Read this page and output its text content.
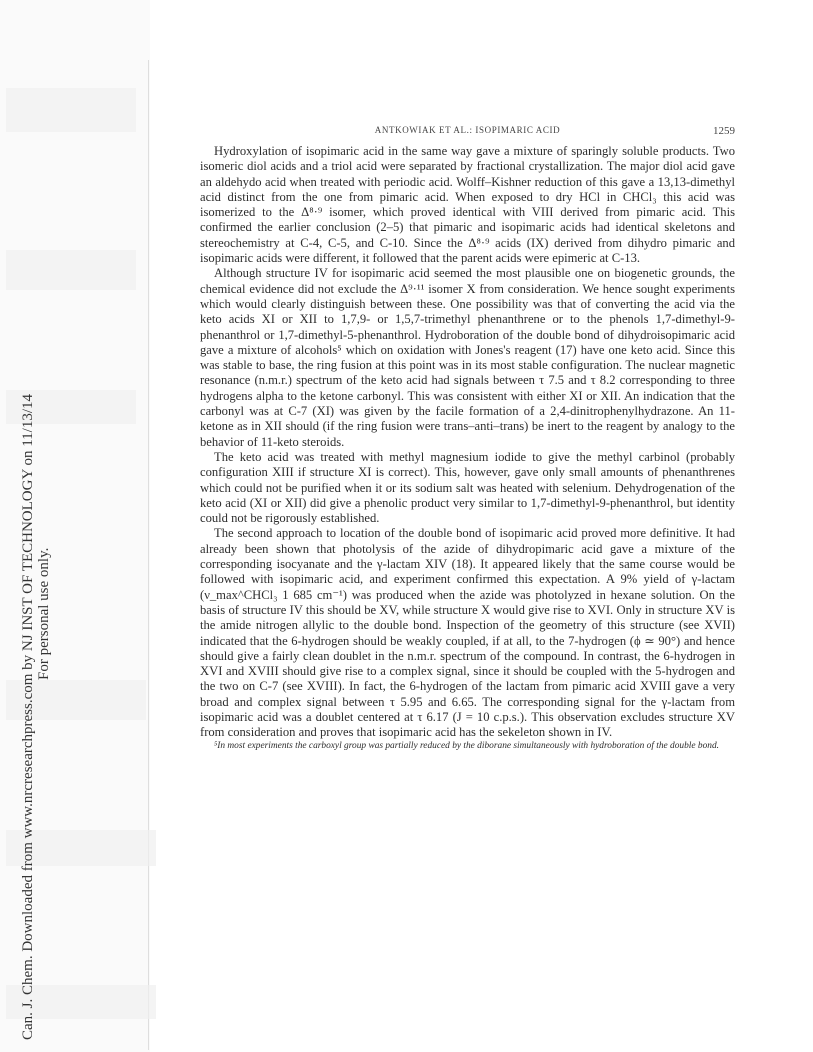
Can. J. Chem. Downloaded from www.nrcresearchpress.com by NJ INST OF TECHNOLOGY on 11/13/14 For personal use only.
ANTKOWIAK ET AL.: ISOPIMARIC ACID	1259

Hydroxylation of isopimaric acid in the same way gave a mixture of sparingly soluble products. Two isomeric diol acids and a triol acid were separated by fractional crystallization. The major diol acid gave an aldehydo acid when treated with periodic acid. Wolff–Kishner reduction of this gave a 13,13-dimethyl acid distinct from the one from pimaric acid. When exposed to dry HCl in CHCl₃ this acid was isomerized to the Δ⁸·⁹ isomer, which proved identical with VIII derived from pimaric acid. This confirmed the earlier conclusion (2–5) that pimaric and isopimaric acids had identical skeletons and stereochemistry at C-4, C-5, and C-10. Since the Δ⁸·⁹ acids (IX) derived from dihydro pimaric and isopimaric acids were different, it followed that the parent acids were epimeric at C-13.

Although structure IV for isopimaric acid seemed the most plausible one on biogenetic grounds, the chemical evidence did not exclude the Δ⁹·¹¹ isomer X from consideration. We hence sought experiments which would clearly distinguish between these. One possibility was that of converting the acid via the keto acids XI or XII to 1,7,9- or 1,5,7-trimethyl phenanthrene or to the phenols 1,7-dimethyl-9-phenanthrol or 1,7-dimethyl-5-phenanthrol. Hydroboration of the double bond of dihydroisopimaric acid gave a mixture of alcohols⁵ which on oxidation with Jones's reagent (17) have one keto acid. Since this was stable to base, the ring fusion at this point was in its most stable configuration. The nuclear magnetic resonance (n.m.r.) spectrum of the keto acid had signals between τ 7.5 and τ 8.2 corresponding to three hydrogens alpha to the ketone carbonyl. This was consistent with either XI or XII. An indication that the carbonyl was at C-7 (XI) was given by the facile formation of a 2,4-dinitrophenylhydrazone. An 11-ketone as in XII should (if the ring fusion were trans–anti–trans) be inert to the reagent by analogy to the behavior of 11-keto steroids.

The keto acid was treated with methyl magnesium iodide to give the methyl carbinol (probably configuration XIII if structure XI is correct). This, however, gave only small amounts of phenanthrenes which could not be purified when it or its sodium salt was heated with selenium. Dehydrogenation of the keto acid (XI or XII) did give a phenolic product very similar to 1,7-dimethyl-9-phenanthrol, but identity could not be rigorously established.

The second approach to location of the double bond of isopimaric acid proved more definitive. It had already been shown that photolysis of the azide of dihydropimaric acid gave a mixture of the corresponding isocyanate and the γ-lactam XIV (18). It appeared likely that the same course would be followed with isopimaric acid, and experiment confirmed this expectation. A 9% yield of γ-lactam (ν_max^CHCl₃ 1 685 cm⁻¹) was produced when the azide was photolyzed in hexane solution. On the basis of structure IV this should be XV, while structure X would give rise to XVI. Only in structure XV is the amide nitrogen allylic to the double bond. Inspection of the geometry of this structure (see XVII) indicated that the 6-hydrogen should be weakly coupled, if at all, to the 7-hydrogen (ϕ ≃ 90°) and hence should give a fairly clean doublet in the n.m.r. spectrum of the compound. In contrast, the 6-hydrogen in XVI and XVIII should give rise to a complex signal, since it should be coupled with the 5-hydrogen and the two on C-7 (see XVIII). In fact, the 6-hydrogen of the lactam from pimaric acid XVIII gave a very broad and complex signal between τ 5.95 and 6.65. The corresponding signal for the γ-lactam from isopimaric acid was a doublet centered at τ 6.17 (J = 10 c.p.s.). This observation excludes structure XV from consideration and proves that isopimaric acid has the sekeleton shown in IV.

⁵In most experiments the carboxyl group was partially reduced by the diborane simultaneously with hydroboration of the double bond.
